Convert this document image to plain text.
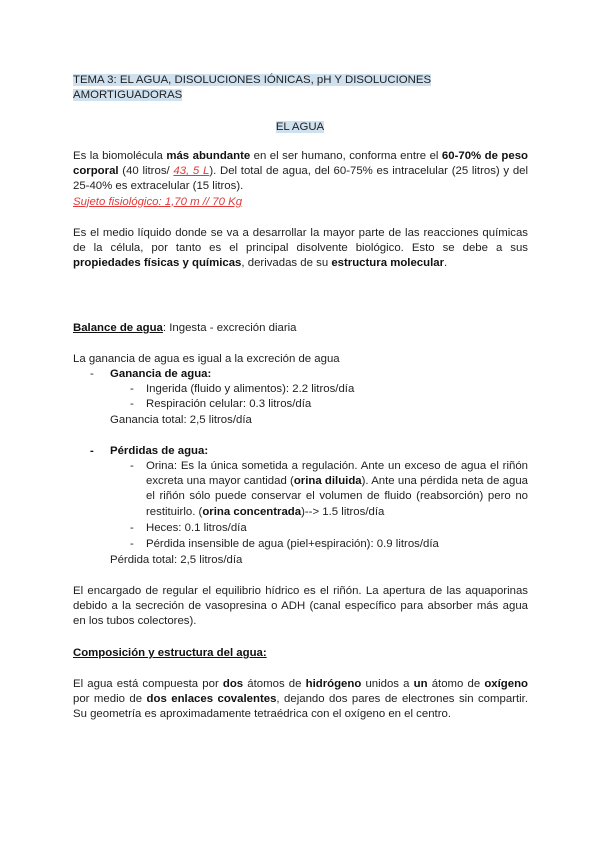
TEMA 3: EL AGUA, DISOLUCIONES IÓNICAS, pH Y DISOLUCIONES
AMORTIGUADORAS
EL AGUA
Es la biomolécula más abundante en el ser humano, conforma entre el 60-70% de peso corporal (40 litros/ 43, 5 L). Del total de agua, del 60-75% es intracelular (25 litros) y del 25-40% es extracelular (15 litros).
Sujeto fisiológico: 1,70 m // 70 Kg
Es el medio líquido donde se va a desarrollar la mayor parte de las reacciones químicas de la célula, por tanto es el principal disolvente biológico. Esto se debe a sus propiedades físicas y químicas, derivadas de su estructura molecular.
Balance de agua: Ingesta - excreción diaria
La ganancia de agua es igual a la excreción de agua
- Ganancia de agua:
- Ingerida (fluido y alimentos): 2.2 litros/día
- Respiración celular: 0.3 litros/día
Ganancia total: 2,5 litros/día
- Pérdidas de agua:
- Orina: Es la única sometida a regulación. Ante un exceso de agua el riñón excreta una mayor cantidad (orina diluida). Ante una pérdida neta de agua el riñón sólo puede conservar el volumen de fluido (reabsorción) pero no restituirlo. (orina concentrada)--> 1.5 litros/día
- Heces: 0.1 litros/día
- Pérdida insensible de agua (piel+espiración): 0.9 litros/día
Pérdida total: 2,5 litros/día
El encargado de regular el equilibrio hídrico es el riñón. La apertura de las aquaporinas debido a la secreción de vasopresina o ADH (canal específico para absorber más agua en los tubos colectores).
Composición y estructura del agua:
El agua está compuesta por dos átomos de hidrógeno unidos a un átomo de oxígeno por medio de dos enlaces covalentes, dejando dos pares de electrones sin compartir. Su geometría es aproximadamente tetraédrica con el oxígeno en el centro.
